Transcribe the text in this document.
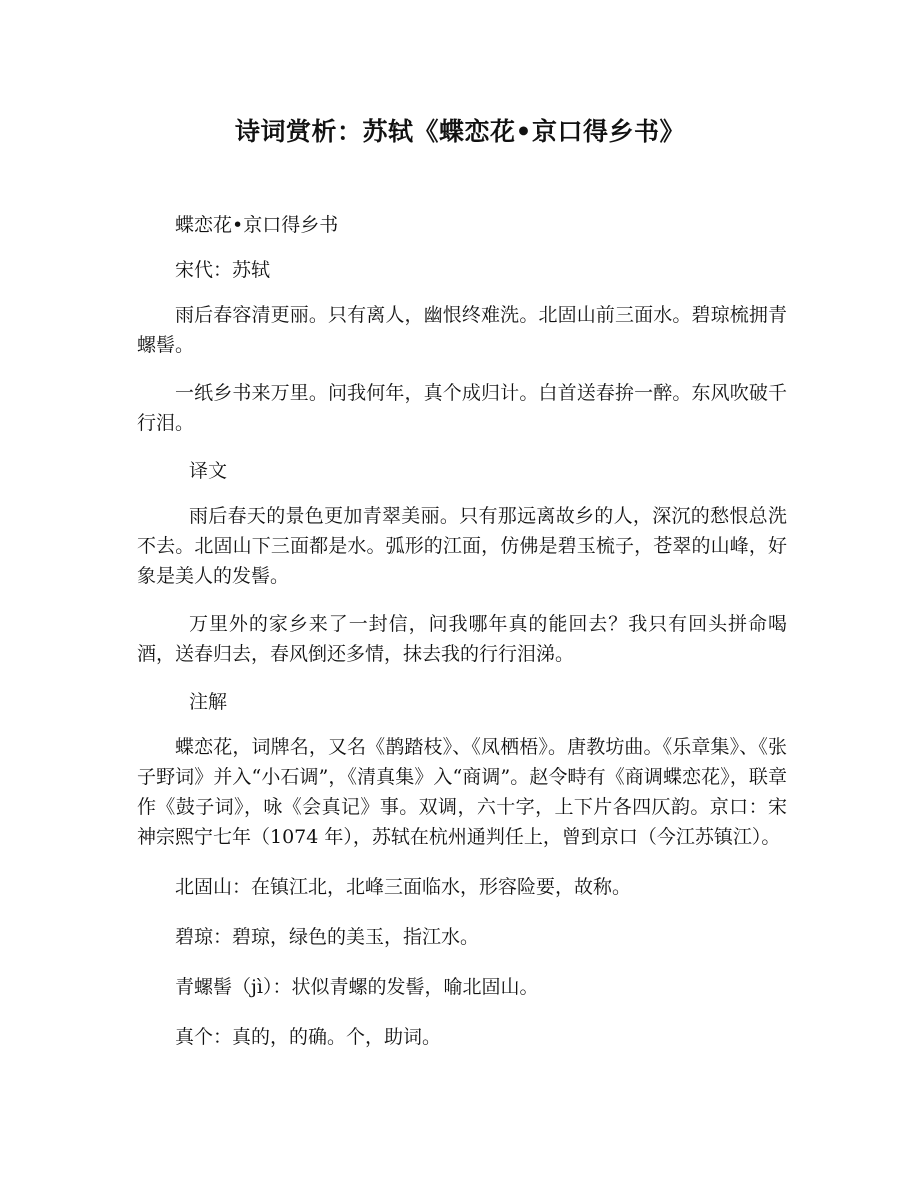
诗词赏析：苏轼《蝶恋花•京口得乡书》

蝶恋花•京口得乡书

宋代：苏轼

雨后春容清更丽。只有离人，幽恨终难洗。北固山前三面水。碧琼梳拥青螺髻。

一纸乡书来万里。问我何年，真个成归计。白首送春拚一醉。东风吹破千行泪。

译文

雨后春天的景色更加青翠美丽。只有那远离故乡的人，深沉的愁恨总洗不去。北固山下三面都是水。弧形的江面，仿佛是碧玉梳子，苍翠的山峰，好象是美人的发髻。

万里外的家乡来了一封信，问我哪年真的能回去？我只有回头拼命喝酒，送春归去，春风倒还多情，抹去我的行行泪涕。

注解

蝶恋花，词牌名，又名《鹊踏枝》、《凤栖梧》。唐教坊曲。《乐章集》、《张子野词》并入“小石调”，《清真集》入“商调”。赵令畤有《商调蝶恋花》，联章作《鼓子词》，咏《会真记》事。双调，六十字，上下片各四仄韵。京口：宋神宗熙宁七年（1074 年），苏轼在杭州通判任上，曾到京口（今江苏镇江）。

北固山：在镇江北，北峰三面临水，形容险要，故称。

碧琼：碧琼，绿色的美玉，指江水。

青螺髻（jì）：状似青螺的发髻，喻北固山。

真个：真的，的确。个，助词。
